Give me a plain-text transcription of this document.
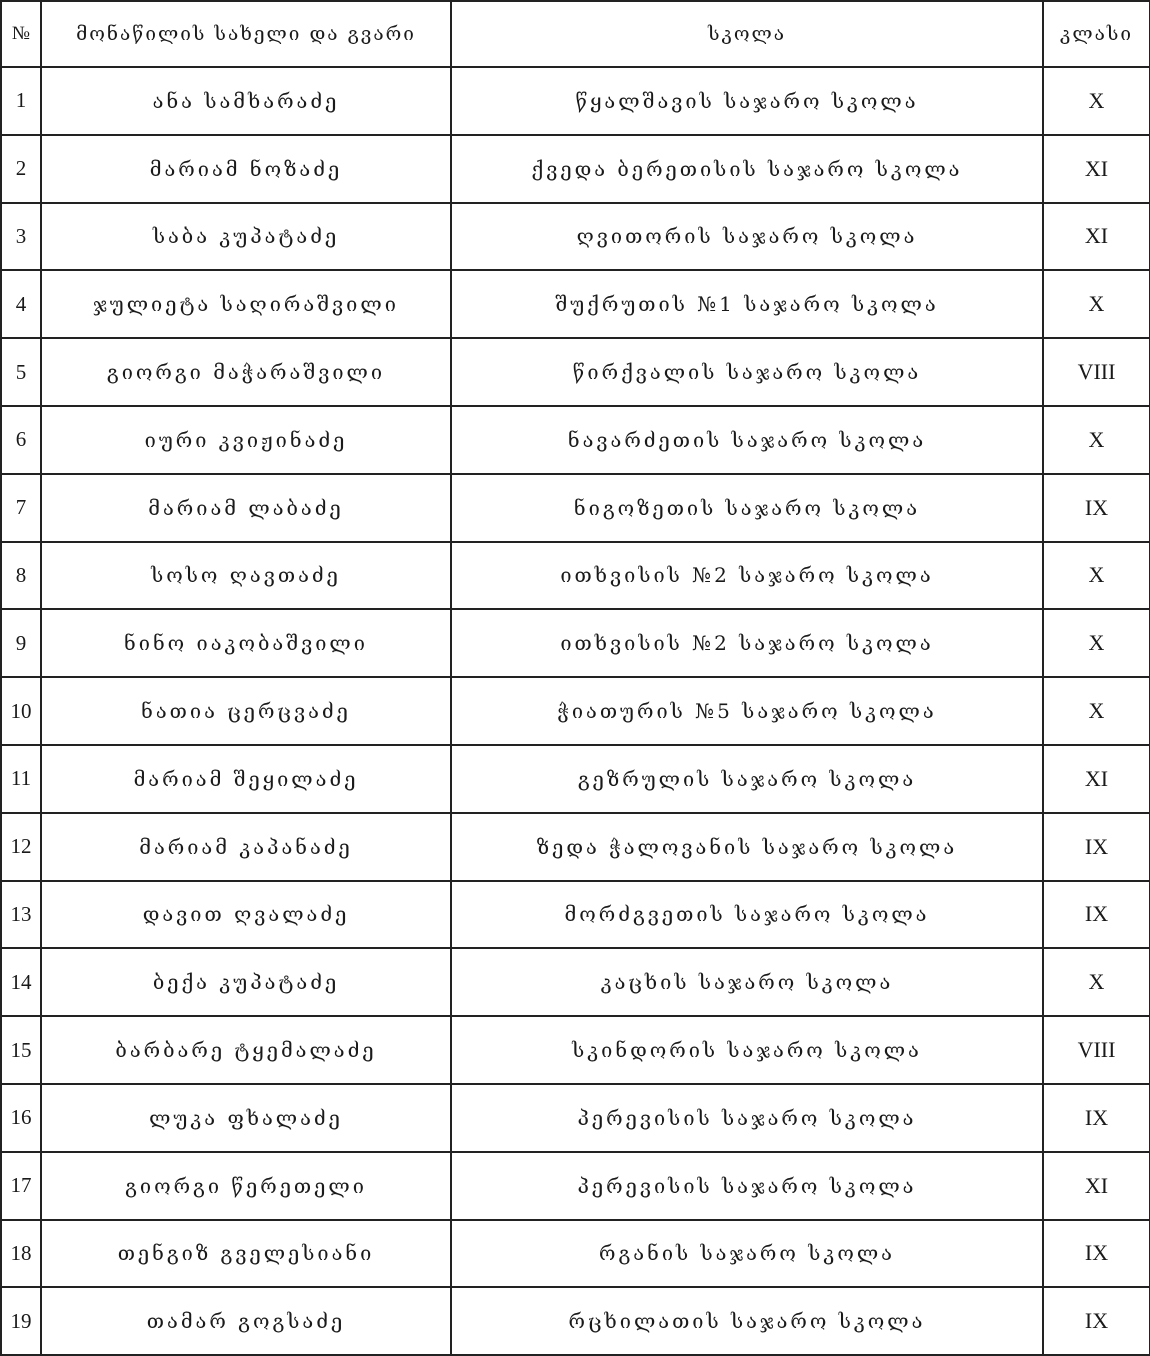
№	მონაწილის სახელი და გვარი	სკოლა	კლასი
1	ანა სამხარაძე	წყალშავის საჯარო სკოლა	X
2	მარიამ ნოზაძე	ქვედა ბერეთისის საჯარო სკოლა	XI
3	საბა კუპატაძე	ღვითორის საჯარო სკოლა	XI
4	ჯულიეტა საღირაშვილი	შუქრუთის №1 საჯარო სკოლა	X
5	გიორგი მაჭარაშვილი	წირქვალის საჯარო სკოლა	VIII
6	იური კვიჟინაძე	ნავარძეთის საჯარო სკოლა	X
7	მარიამ ლაბაძე	ნიგოზეთის საჯარო სკოლა	IX
8	სოსო ღავთაძე	ითხვისის №2 საჯარო სკოლა	X
9	ნინო იაკობაშვილი	ითხვისის №2 საჯარო სკოლა	X
10	ნათია ცერცვაძე	ჭიათურის №5 საჯარო სკოლა	X
11	მარიამ შეყილაძე	გეზრულის საჯარო სკოლა	XI
12	მარიამ კაპანაძე	ზედა ჭალოვანის საჯარო სკოლა	IX
13	დავით ღვალაძე	მორძგვეთის საჯარო სკოლა	IX
14	ბექა კუპატაძე	კაცხის საჯარო სკოლა	X
15	ბარბარე ტყემალაძე	სკინდორის საჯარო სკოლა	VIII
16	ლუკა ფხალაძე	პერევისის საჯარო სკოლა	IX
17	გიორგი წერეთელი	პერევისის საჯარო სკოლა	XI
18	თენგიზ გველესიანი	რგანის საჯარო სკოლა	IX
19	თამარ გოგსაძე	რცხილათის საჯარო სკოლა	IX
